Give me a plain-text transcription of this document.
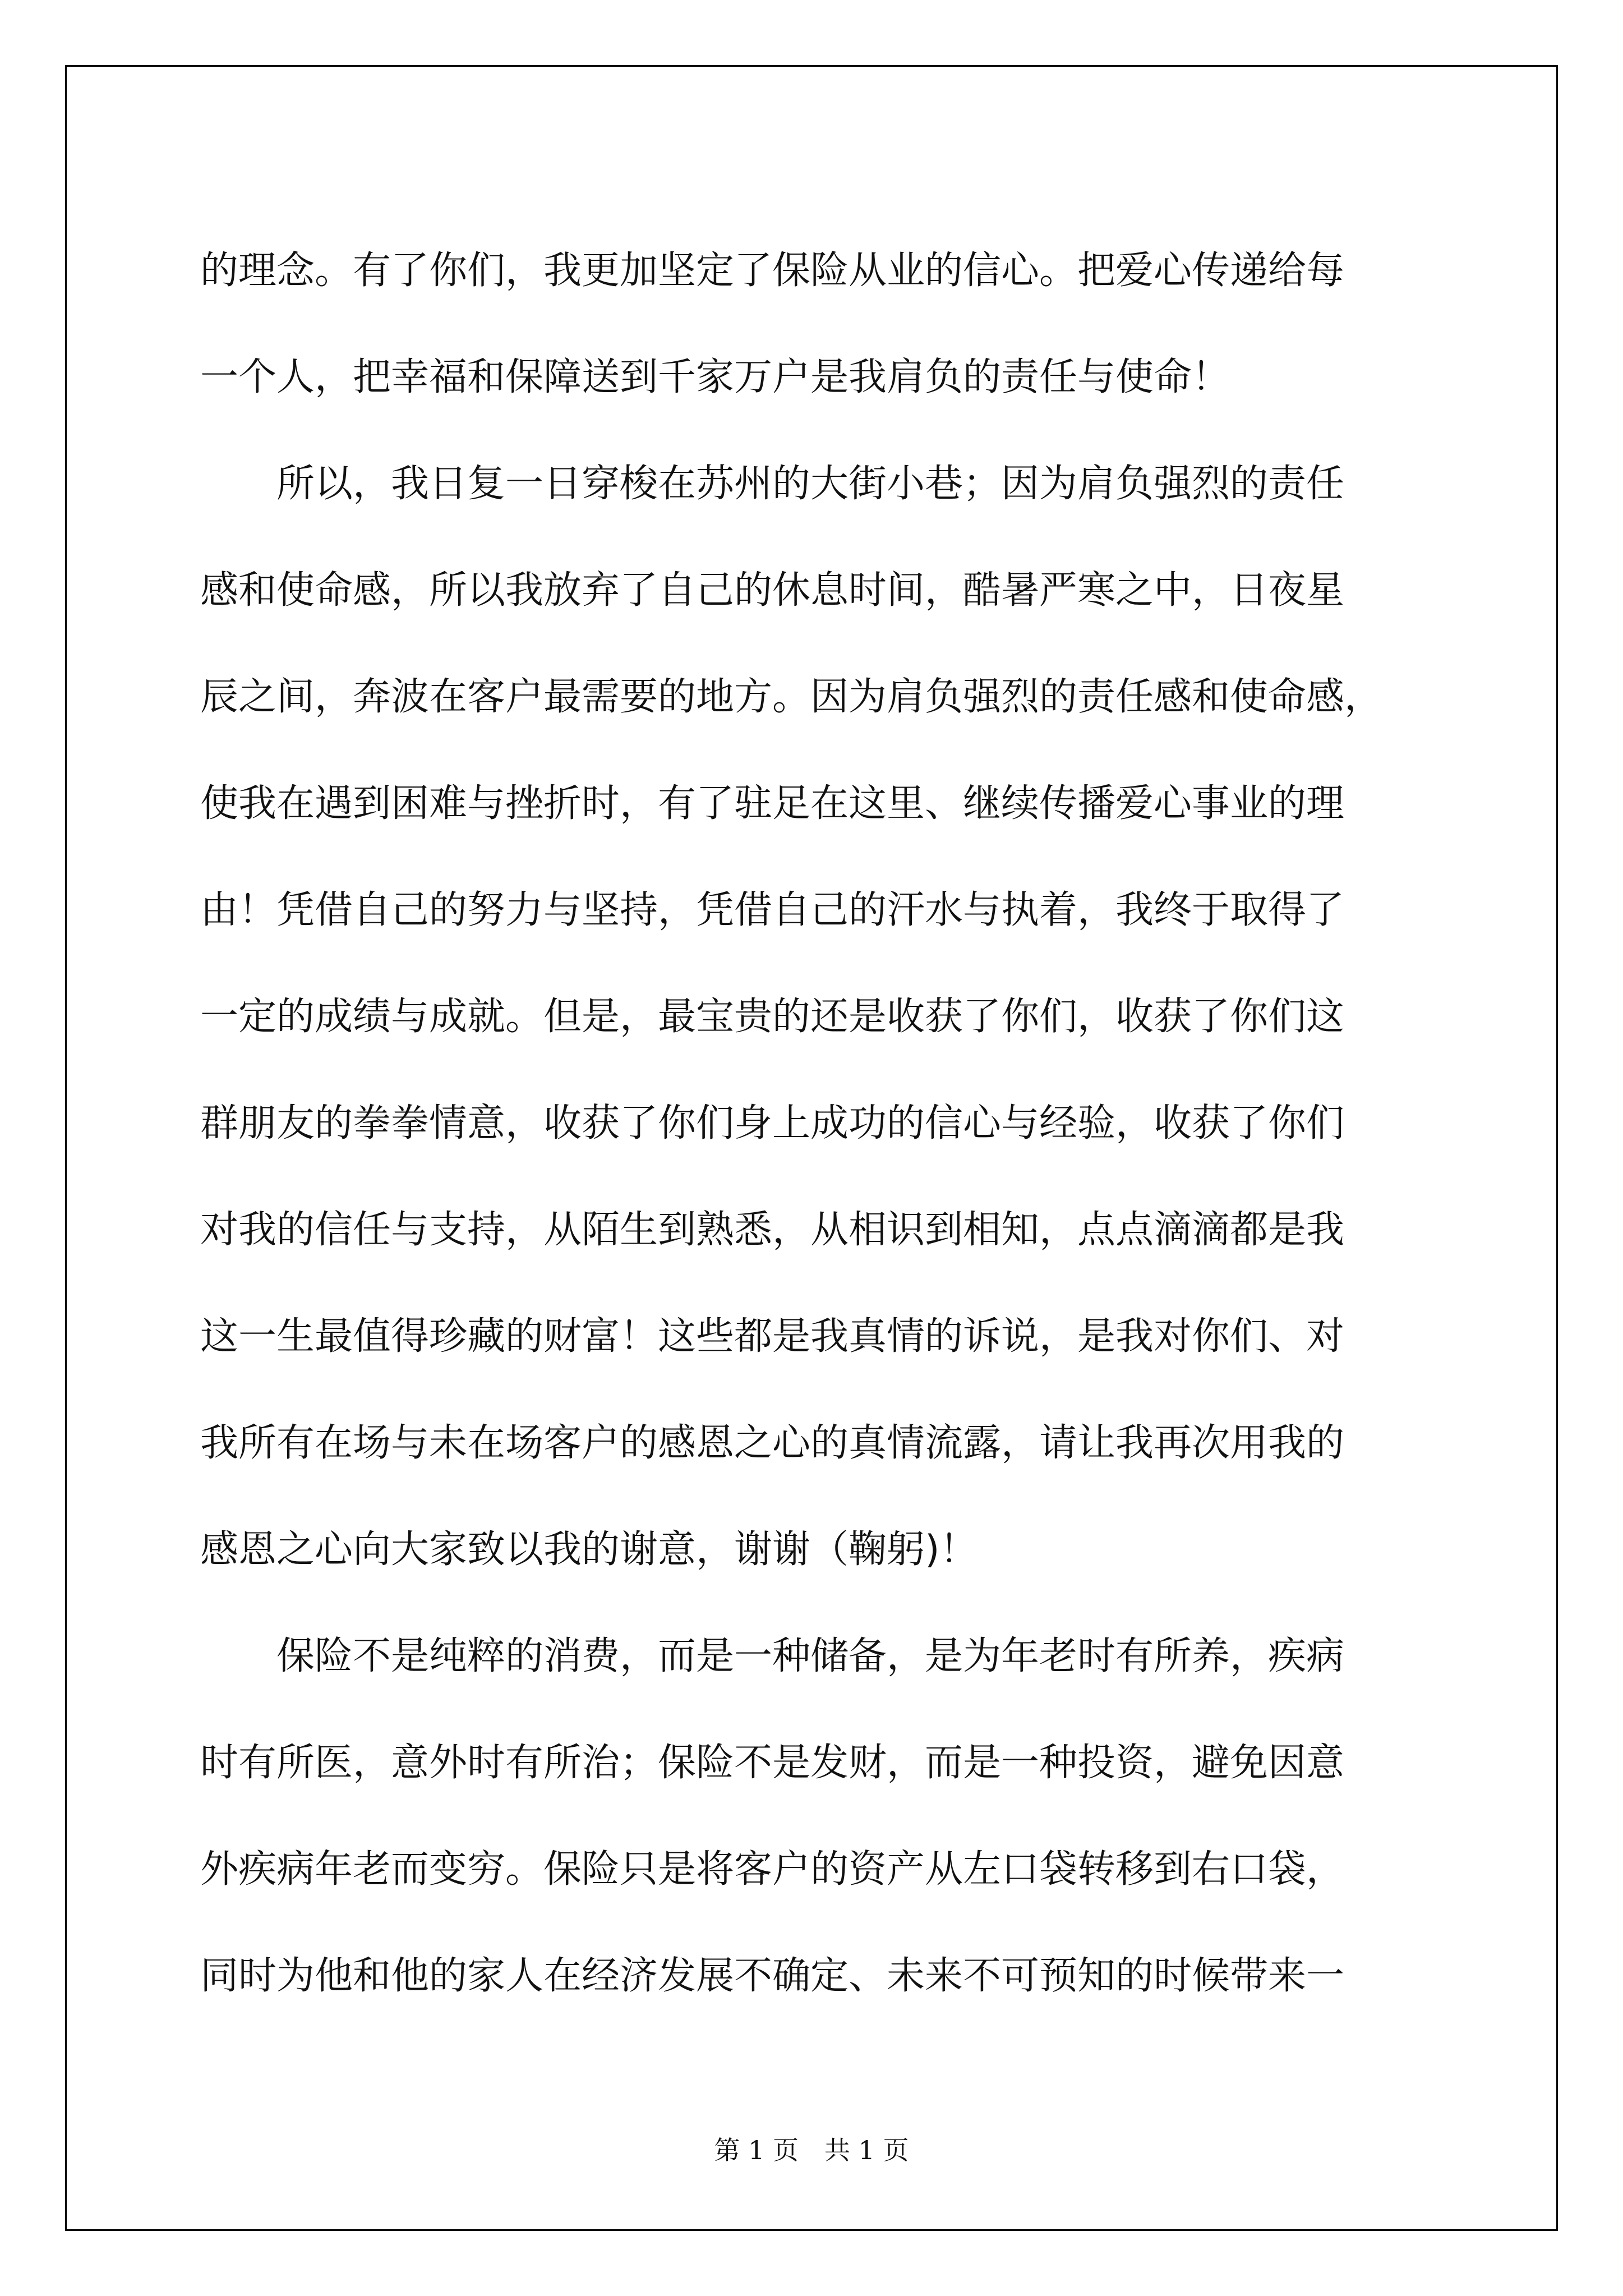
的理念。有了你们，我更加坚定了保险从业的信心。把爱心传递给每
一个人，把幸福和保障送到千家万户是我肩负的责任与使命！
所以，我日复一日穿梭在苏州的大街小巷；因为肩负强烈的责任
感和使命感，所以我放弃了自己的休息时间，酷暑严寒之中，日夜星
辰之间，奔波在客户最需要的地方。因为肩负强烈的责任感和使命感，
使我在遇到困难与挫折时，有了驻足在这里、继续传播爱心事业的理
由！凭借自己的努力与坚持，凭借自己的汗水与执着，我终于取得了
一定的成绩与成就。但是，最宝贵的还是收获了你们，收获了你们这
群朋友的拳拳情意，收获了你们身上成功的信心与经验，收获了你们
对我的信任与支持，从陌生到熟悉，从相识到相知，点点滴滴都是我
这一生最值得珍藏的财富！这些都是我真情的诉说，是我对你们、对
我所有在场与未在场客户的感恩之心的真情流露，请让我再次用我的
感恩之心向大家致以我的谢意，谢谢（鞠躬)！
保险不是纯粹的消费，而是一种储备，是为年老时有所养，疾病
时有所医，意外时有所治；保险不是发财，而是一种投资，避免因意
外疾病年老而变穷。保险只是将客户的资产从左口袋转移到右口袋，
同时为他和他的家人在经济发展不确定、未来不可预知的时候带来一
第 1 页　共 1 页
